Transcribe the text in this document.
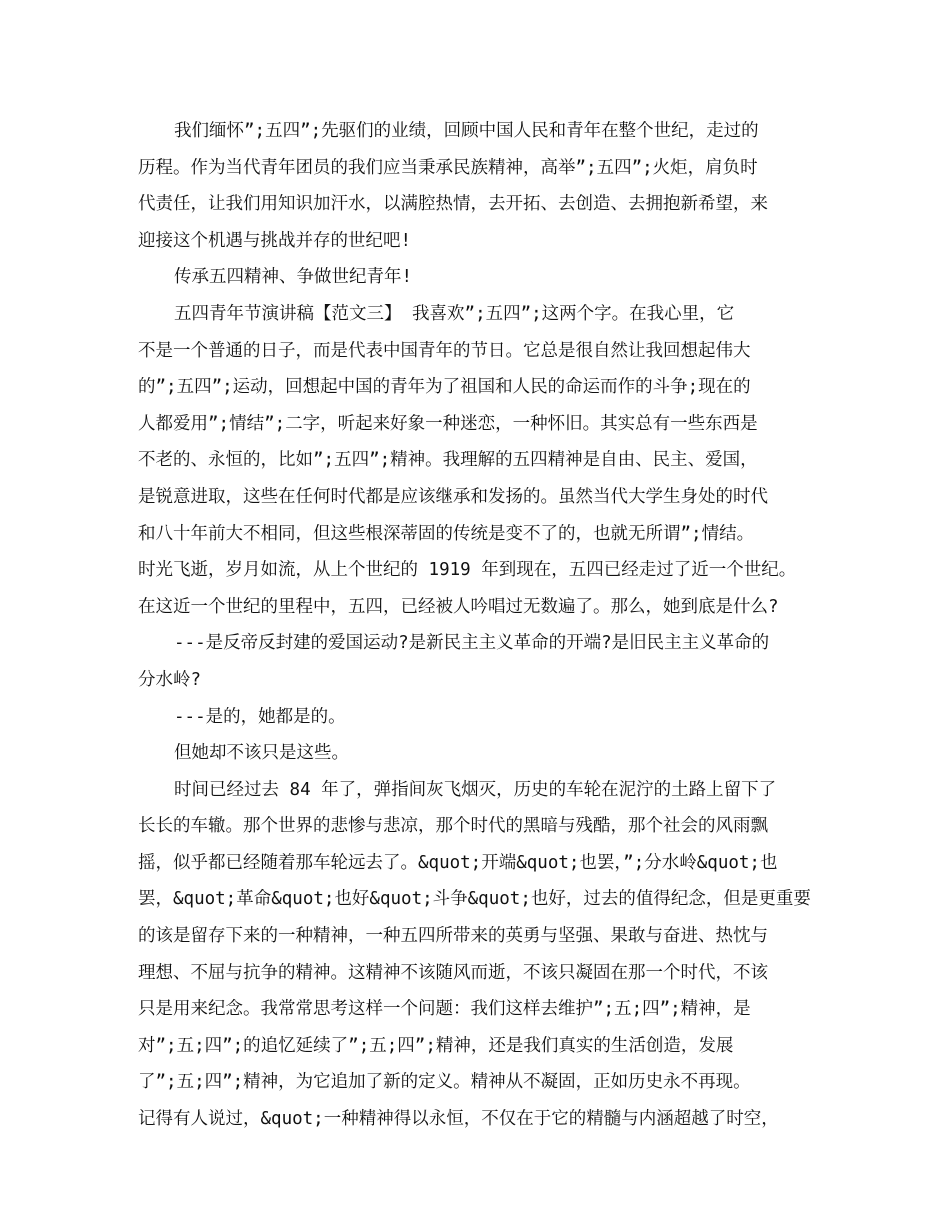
我们缅怀”;五四”;先驱们的业绩，回顾中国人民和青年在整个世纪，走过的
历程。作为当代青年团员的我们应当秉承民族精神，高举”;五四”;火炬，肩负时
代责任，让我们用知识加汗水，以满腔热情，去开拓、去创造、去拥抱新希望，来
迎接这个机遇与挑战并存的世纪吧!
传承五四精神、争做世纪青年!
五四青年节演讲稿【范文三】 我喜欢”;五四”;这两个字。在我心里，它
不是一个普通的日子，而是代表中国青年的节日。它总是很自然让我回想起伟大
的”;五四”;运动，回想起中国的青年为了祖国和人民的命运而作的斗争;现在的
人都爱用”;情结”;二字，听起来好象一种迷恋，一种怀旧。其实总有一些东西是
不老的、永恒的，比如”;五四”;精神。我理解的五四精神是自由、民主、爱国，
是锐意进取，这些在任何时代都是应该继承和发扬的。虽然当代大学生身处的时代
和八十年前大不相同，但这些根深蒂固的传统是变不了的，也就无所谓”;情结。
时光飞逝，岁月如流，从上个世纪的 1919 年到现在，五四已经走过了近一个世纪。
在这近一个世纪的里程中，五四，已经被人吟唱过无数遍了。那么，她到底是什么?
---是反帝反封建的爱国运动?是新民主主义革命的开端?是旧民主主义革命的
分水岭?
---是的，她都是的。
但她却不该只是这些。
时间已经过去 84 年了，弹指间灰飞烟灭，历史的车轮在泥泞的土路上留下了
长长的车辙。那个世界的悲惨与悲凉，那个时代的黑暗与残酷，那个社会的风雨飘
摇，似乎都已经随着那车轮远去了。&quot;开端&quot;也罢，”;分水岭&quot;也
罢，&quot;革命&quot;也好&quot;斗争&quot;也好，过去的值得纪念，但是更重要
的该是留存下来的一种精神，一种五四所带来的英勇与坚强、果敢与奋进、热忱与
理想、不屈与抗争的精神。这精神不该随风而逝，不该只凝固在那一个时代，不该
只是用来纪念。我常常思考这样一个问题：我们这样去维护”;五;四”;精神，是
对”;五;四”;的追忆延续了”;五;四”;精神，还是我们真实的生活创造，发展
了”;五;四”;精神，为它追加了新的定义。精神从不凝固，正如历史永不再现。
记得有人说过，&quot;一种精神得以永恒，不仅在于它的精髓与内涵超越了时空，
